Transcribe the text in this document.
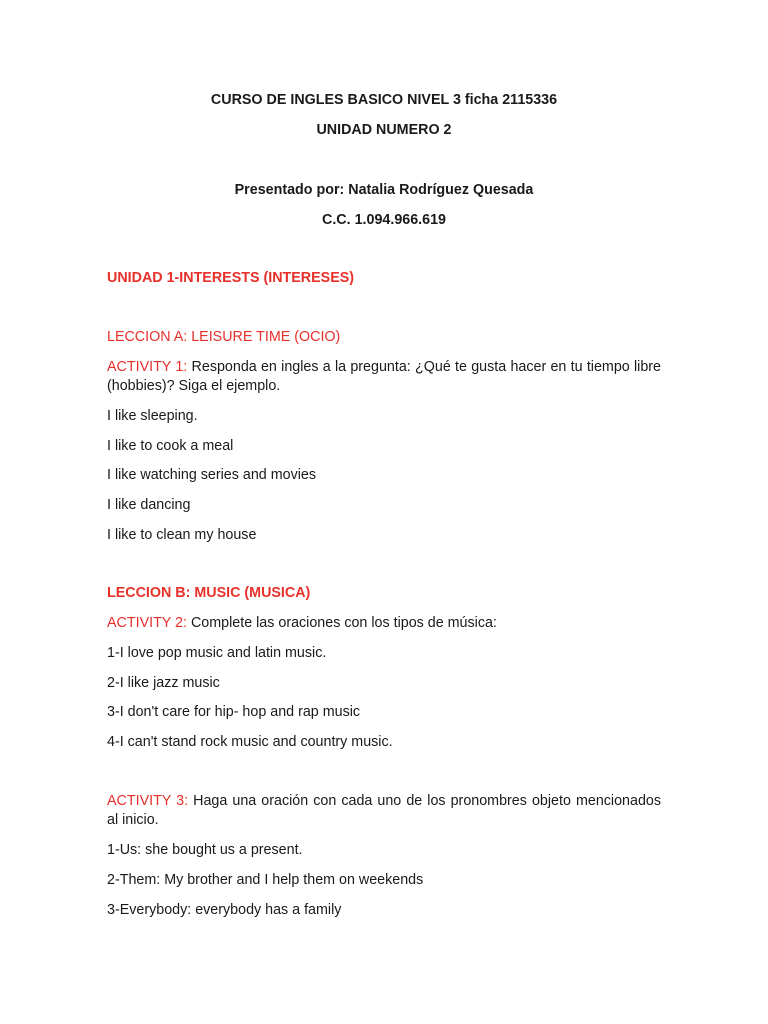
CURSO DE INGLES BASICO NIVEL 3 ficha 2115336
UNIDAD NUMERO 2
Presentado por: Natalia Rodríguez Quesada
C.C. 1.094.966.619
UNIDAD 1-INTERESTS (INTERESES)
LECCION A: LEISURE TIME (OCIO)
ACTIVITY 1: Responda en ingles a la pregunta: ¿Qué te gusta hacer en tu tiempo libre (hobbies)? Siga el ejemplo.
I like sleeping.
I like to cook a meal
I like watching series and movies
I like dancing
I like to clean my house
LECCION B: MUSIC (MUSICA)
ACTIVITY 2: Complete las oraciones con los tipos de música:
1-I love pop music and latin music.
2-I like jazz music
3-I don't care for hip- hop and rap music
4-I can't stand rock music and country music.
ACTIVITY 3: Haga una oración con cada uno de los pronombres objeto mencionados al inicio.
1-Us: she bought us a present.
2-Them: My brother and I help them on weekends
3-Everybody: everybody has a family
